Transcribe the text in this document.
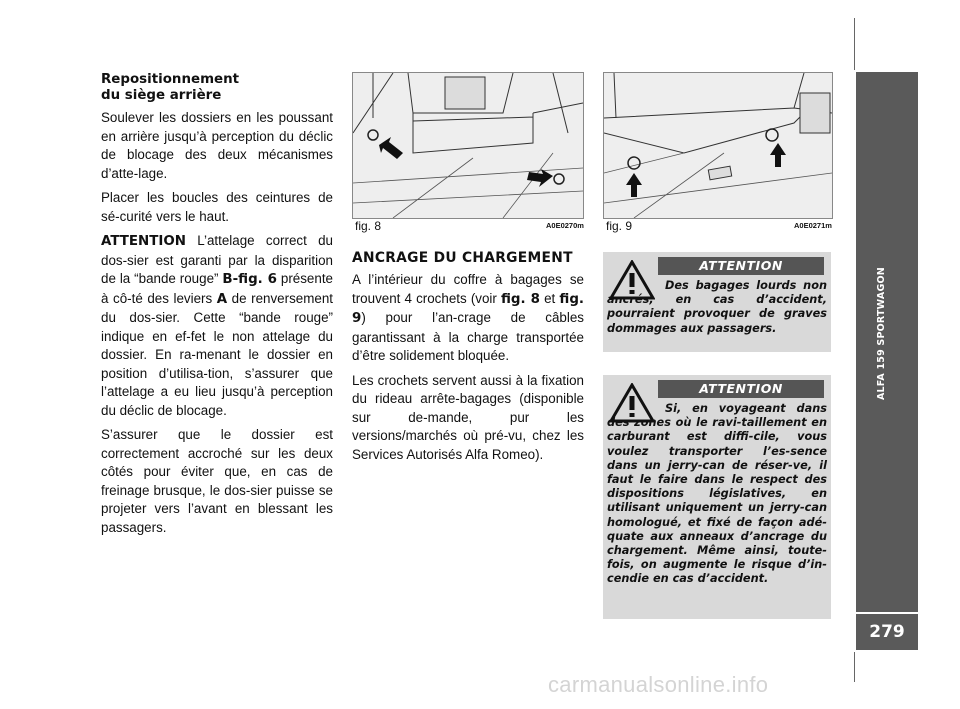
Repositionnement
du siège arrière

Soulever les dossiers en les poussant en arrière jusqu’à perception du déclic de blocage des deux mécanismes d’atte-lage.

Placer les boucles des ceintures de sé-curité vers le haut.

ATTENTION L’attelage correct du dos-sier est garanti par la disparition de la “bande rouge” B-fig. 6 présente à cô-té des leviers A de renversement du dos-sier. Cette “bande rouge” indique en ef-fet le non attelage du dossier. En ra-menant le dossier en position d’utilisa-tion, s’assurer que l’attelage a eu lieu jusqu’à perception du déclic de blocage.

S’assurer que le dossier est correctement accroché sur les deux côtés pour éviter que, en cas de freinage brusque, le dos-sier puisse se projeter vers l’avant en blessant les passagers.

fig. 8	A0E0270m fig. 9	A0E0271m
ANCRAGE DU CHARGEMENT

A l’intérieur du coffre à bagages se trouvent 4 crochets (voir fig. 8 et fig. 9) pour l’an-crage de câbles garantissant à la charge transportée d’être solidement bloquée.

Les crochets servent aussi à la fixation du rideau arrête-bagages (disponible sur de-mande, pur les versions/marchés où pré-vu, chez les Services Autorisés Alfa Romeo).

ATTENTION
Des bagages lourds non ancrés, en cas d’accident, pourraient provoquer de graves dommages aux passagers.
ATTENTION
Si, en voyageant dans des zones où le ravi-taillement en carburant est diffi-cile, vous voulez transporter l’es-sence dans un jerry-can de réser-ve, il faut le faire dans le respect des dispositions législatives, en utilisant uniquement un jerry-can homologué, et fixé de façon adé-quate aux anneaux d’ancrage du chargement. Même ainsi, toute-fois, on augmente le risque d’in-cendie en cas d’accident.
ALFA 159 SPORTWAGON
279
carmanualsonline.info
